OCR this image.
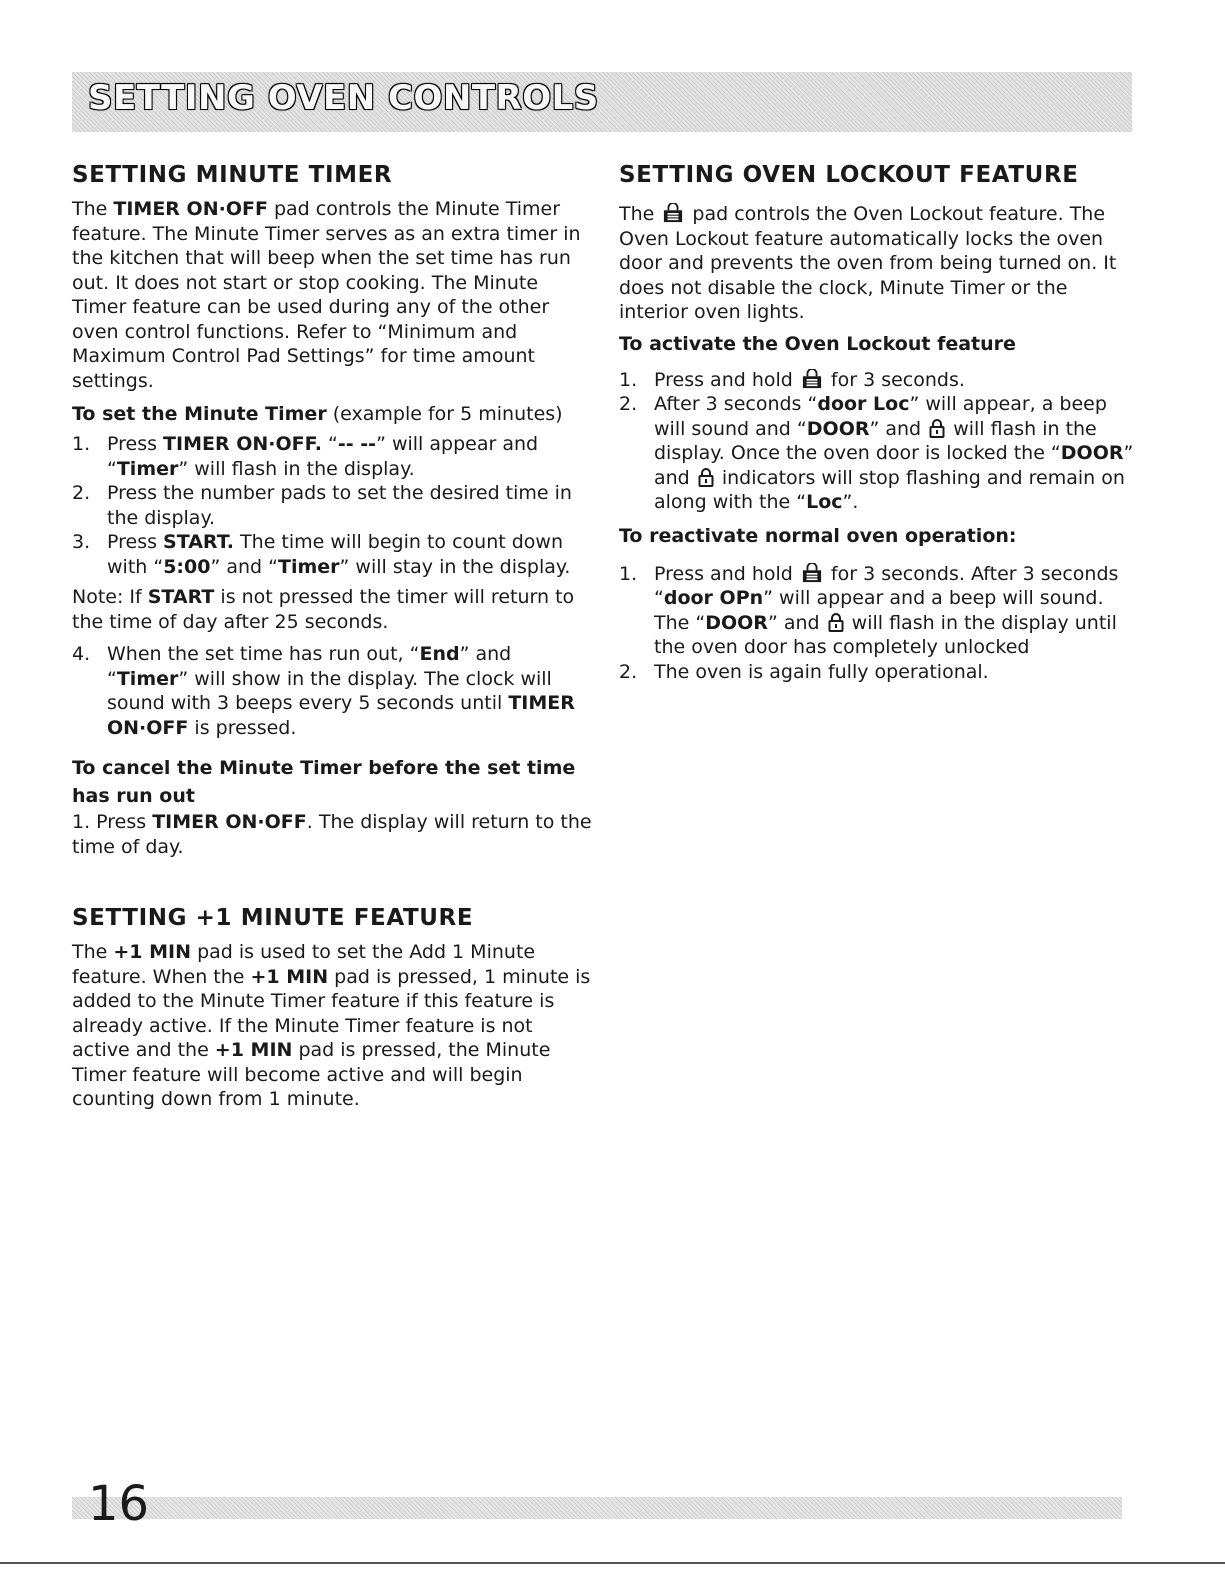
SETTING OVEN CONTROLS
SETTING MINUTE TIMER

The TIMER ON·OFF pad controls the Minute Timer feature. The Minute Timer serves as an extra timer in the kitchen that will beep when the set time has run out. It does not start or stop cooking. The Minute Timer feature can be used during any of the other oven control functions. Refer to “Minimum and Maximum Control Pad Settings” for time amount settings.

To set the Minute Timer (example for 5 minutes)

1. Press TIMER ON·OFF. “-- --” will appear and “Timer” will flash in the display.
2. Press the number pads to set the desired time in the display.
3. Press START. The time will begin to count down with “5:00” and “Timer” will stay in the display.

Note: If START is not pressed the timer will return to the time of day after 25 seconds.

4. When the set time has run out, “End” and “Timer” will show in the display. The clock will sound with 3 beeps every 5 seconds until TIMER ON·OFF is pressed.

To cancel the Minute Timer before the set time has run out

1. Press TIMER ON·OFF. The display will return to the time of day.

SETTING +1 MINUTE FEATURE

The +1 MIN pad is used to set the Add 1 Minute feature. When the +1 MIN pad is pressed, 1 minute is added to the Minute Timer feature if this feature is already active. If the Minute Timer feature is not active and the +1 MIN pad is pressed, the Minute Timer feature will become active and will begin counting down from 1 minute.

SETTING OVEN LOCKOUT FEATURE

The  pad controls the Oven Lockout feature. The Oven Lockout feature automatically locks the oven door and prevents the oven from being turned on. It does not disable the clock, Minute Timer or the interior oven lights.

To activate the Oven Lockout feature

1. Press and hold  for 3 seconds.
2. After 3 seconds “door Loc” will appear, a beep will sound and “DOOR” and  will flash in the display. Once the oven door is locked the “DOOR” and  indicators will stop flashing and remain on along with the “Loc”.

To reactivate normal oven operation:

1. Press and hold  for 3 seconds. After 3 seconds “door OPn” will appear and a beep will sound. The “DOOR” and  will flash in the display until the oven door has completely unlocked
2. The oven is again fully operational.
16
